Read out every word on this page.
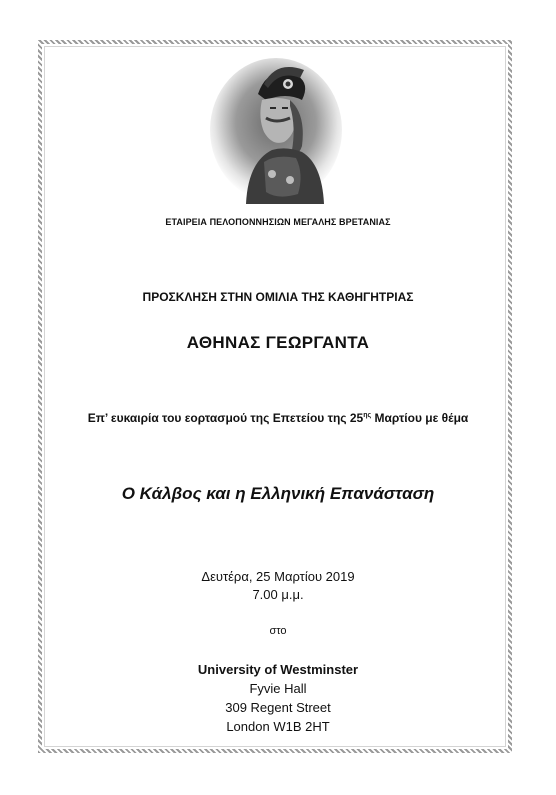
ΕΤΑΙΡΕΙΑ ΠΕΛΟΠΟΝΝΗΣΙΩΝ ΜΕΓΑΛΗΣ ΒΡΕΤΑΝΙΑΣ
ΠΡΟΣΚΛΗΣΗ ΣΤΗΝ ΟΜΙΛΙΑ ΤΗΣ ΚΑΘΗΓΗΤΡΙΑΣ
ΑΘΗΝΑΣ ΓΕΩΡΓΑΝΤΑ
Επ’ ευκαιρία του εορτασμού της Επετείου της $25^{\eta\varsigma}$ Μαρτίου με θέμα
Ο Κάλβος και η Ελληνική Επανάσταση
Δευτέρα, 25 Μαρτίου 2019
7.00 μ.μ.
στο
University of Westminster
Fyvie Hall
309 Regent Street
London W1B 2HT
